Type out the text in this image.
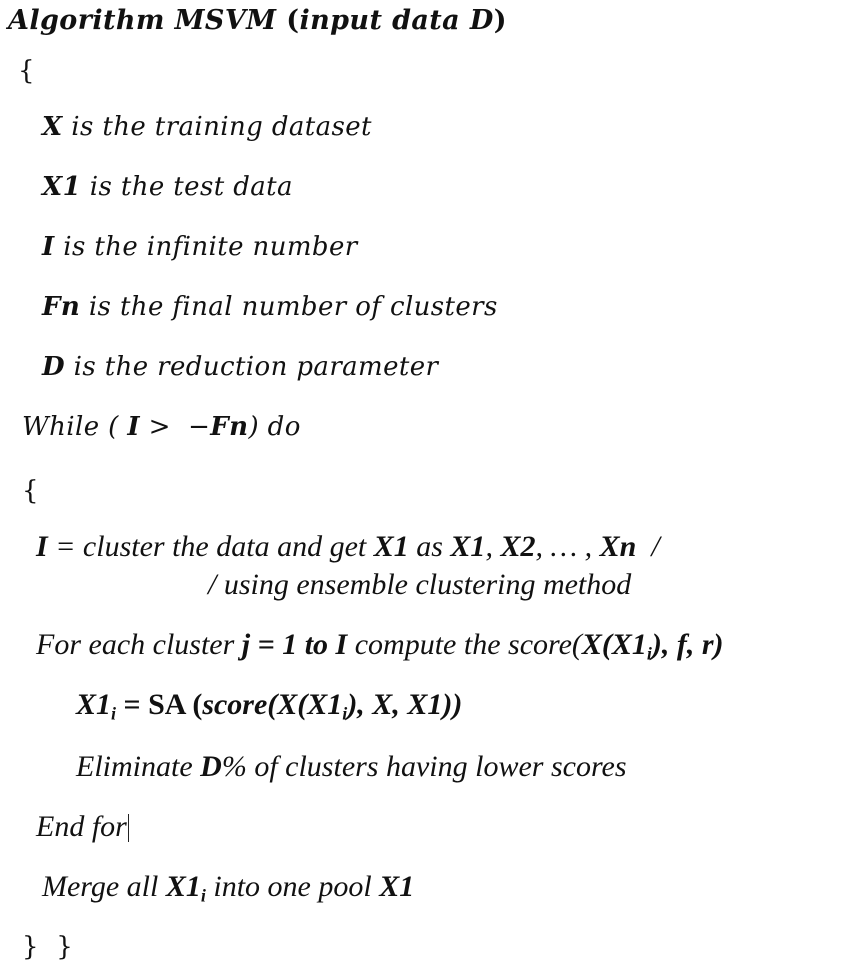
Algorithm MSVM (input data D)
{
X is the training dataset
X1 is the test data
I is the infinite number
Fn is the final number of clusters
D is the reduction parameter
While ( I >  −Fn) do
{
I = cluster the data and get X1 as X1, X2, … , Xn  /
/ using ensemble clustering method
For each cluster j = 1 to I compute the $score(X(X1_i)$, f, r)
$X1_i$ = SA ($score(X(X1_i)$, X, X1))
Eliminate D% of clusters having lower scores
End for
Merge all $X1_i$ into one pool X1
}  }
